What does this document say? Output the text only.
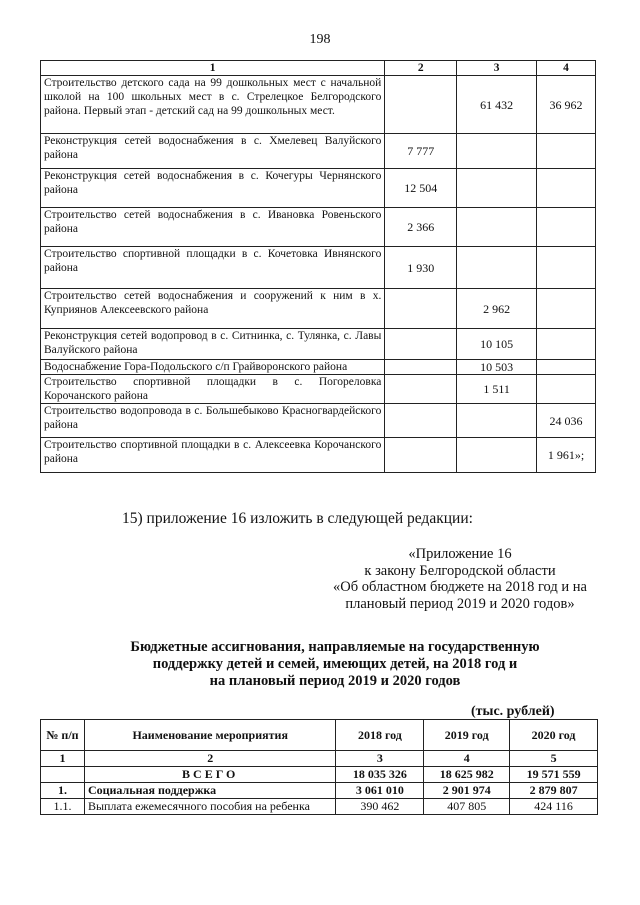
198
1	2	3	4
Строительство детского сада на 99 дошкольных мест с начальной школой на 100 школьных мест в с. Стрелецкое Белгородского района. Первый этап - детский сад на 99 дошкольных мест.		61 432	36 962
Реконструкция сетей водоснабжения в с. Хмелевец Валуйского района	7 777		
Реконструкция сетей водоснабжения в с. Кочегуры Чернянского района	12 504		
Строительство сетей водоснабжения в с. Ивановка Ровеньского района	2 366		
Строительство спортивной площадки в с. Кочетовка Ивнянского района	1 930		
Строительство сетей водоснабжения и сооружений к ним в х. Куприянов Алексеевского района		2 962	
Реконструкция сетей водопровод в с. Ситнинка, с. Тулянка, с. Лавы Валуйского района		10 105	
Водоснабжение Гора-Подольского с/п Грайворонского района		10 503	
Строительство спортивной площадки в с. Погореловка Корочанского района		1 511	
Строительство водопровода в с. Большебыково Красногвардейского района			24 036
Строительство спортивной площадки в с. Алексеевка Корочанского района			1 961»;
15) приложение 16 изложить в следующей редакции:
«Приложение 16
к закону Белгородской области
«Об областном бюджете на 2018 год и на
плановый период 2019 и 2020 годов»
Бюджетные ассигнования, направляемые на государственную
поддержку детей и семей, имеющих детей, на 2018 год и
на плановый период 2019 и 2020 годов
(тыс. рублей)
№ п/п	Наименование мероприятия	2018 год	2019 год	2020 год
1	2	3	4	5
	ВСЕГО	18 035 326	18 625 982	19 571 559
1.	Социальная поддержка	3 061 010	2 901 974	2 879 807
1.1.	Выплата ежемесячного пособия на ребенка	390 462	407 805	424 116
